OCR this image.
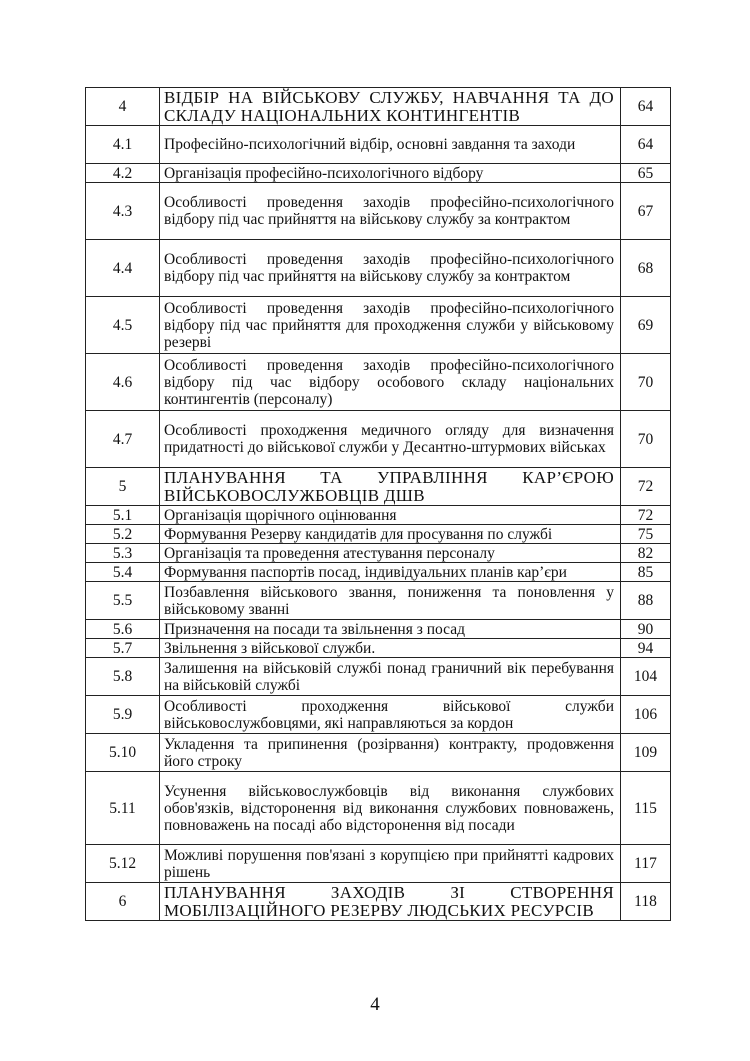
4	ВІДБІР НА ВІЙСЬКОВУ СЛУЖБУ, НАВЧАННЯ ТА ДО СКЛАДУ НАЦІОНАЛЬНИХ КОНТИНГЕНТІВ	64
4.1	Професійно-психологічний відбір, основні завдання та заходи	64
4.2	Організація професійно-психологічного відбору	65
4.3	Особливості проведення заходів професійно-психологічного відбору під час прийняття на військову службу за контрактом	67
4.4	Особливості проведення заходів професійно-психологічного відбору під час прийняття на військову службу за контрактом	68
4.5	Особливості проведення заходів професійно-психологічного відбору під час прийняття для проходження служби у військовому резерві	69
4.6	Особливості проведення заходів професійно-психологічного відбору під час відбору особового складу національних контингентів (персоналу)	70
4.7	Особливості проходження медичного огляду для визначення придатності до військової служби у Десантно-штурмових військах	70
5	ПЛАНУВАННЯ ТА УПРАВЛІННЯ КАР’ЄРОЮ ВІЙСЬКОВОСЛУЖБОВЦІВ ДШВ	72
5.1	Організація щорічного оцінювання	72
5.2	Формування Резерву кандидатів для просування по службі	75
5.3	Організація та проведення атестування персоналу	82
5.4	Формування паспортів посад, індивідуальних планів кар’єри	85
5.5	Позбавлення військового звання, пониження та поновлення у військовому званні	88
5.6	Призначення на посади та звільнення з посад	90
5.7	Звільнення з військової служби.	94
5.8	Залишення на військовій службі понад граничний вік перебування на військовій службі	104
5.9	Особливості проходження військової служби військовослужбовцями, які направляються за кордон	106
5.10	Укладення та припинення (розірвання) контракту, продовження його строку	109
5.11	Усунення військовослужбовців від виконання службових обов'язків, відсторонення від виконання службових повноважень, повноважень на посаді або відсторонення від посади	115
5.12	Можливі порушення пов'язані з корупцією при прийнятті кадрових рішень	117
6	ПЛАНУВАННЯ ЗАХОДІВ ЗІ СТВОРЕННЯ МОБІЛІЗАЦІЙНОГО РЕЗЕРВУ ЛЮДСЬКИХ РЕСУРСІВ	118
4
